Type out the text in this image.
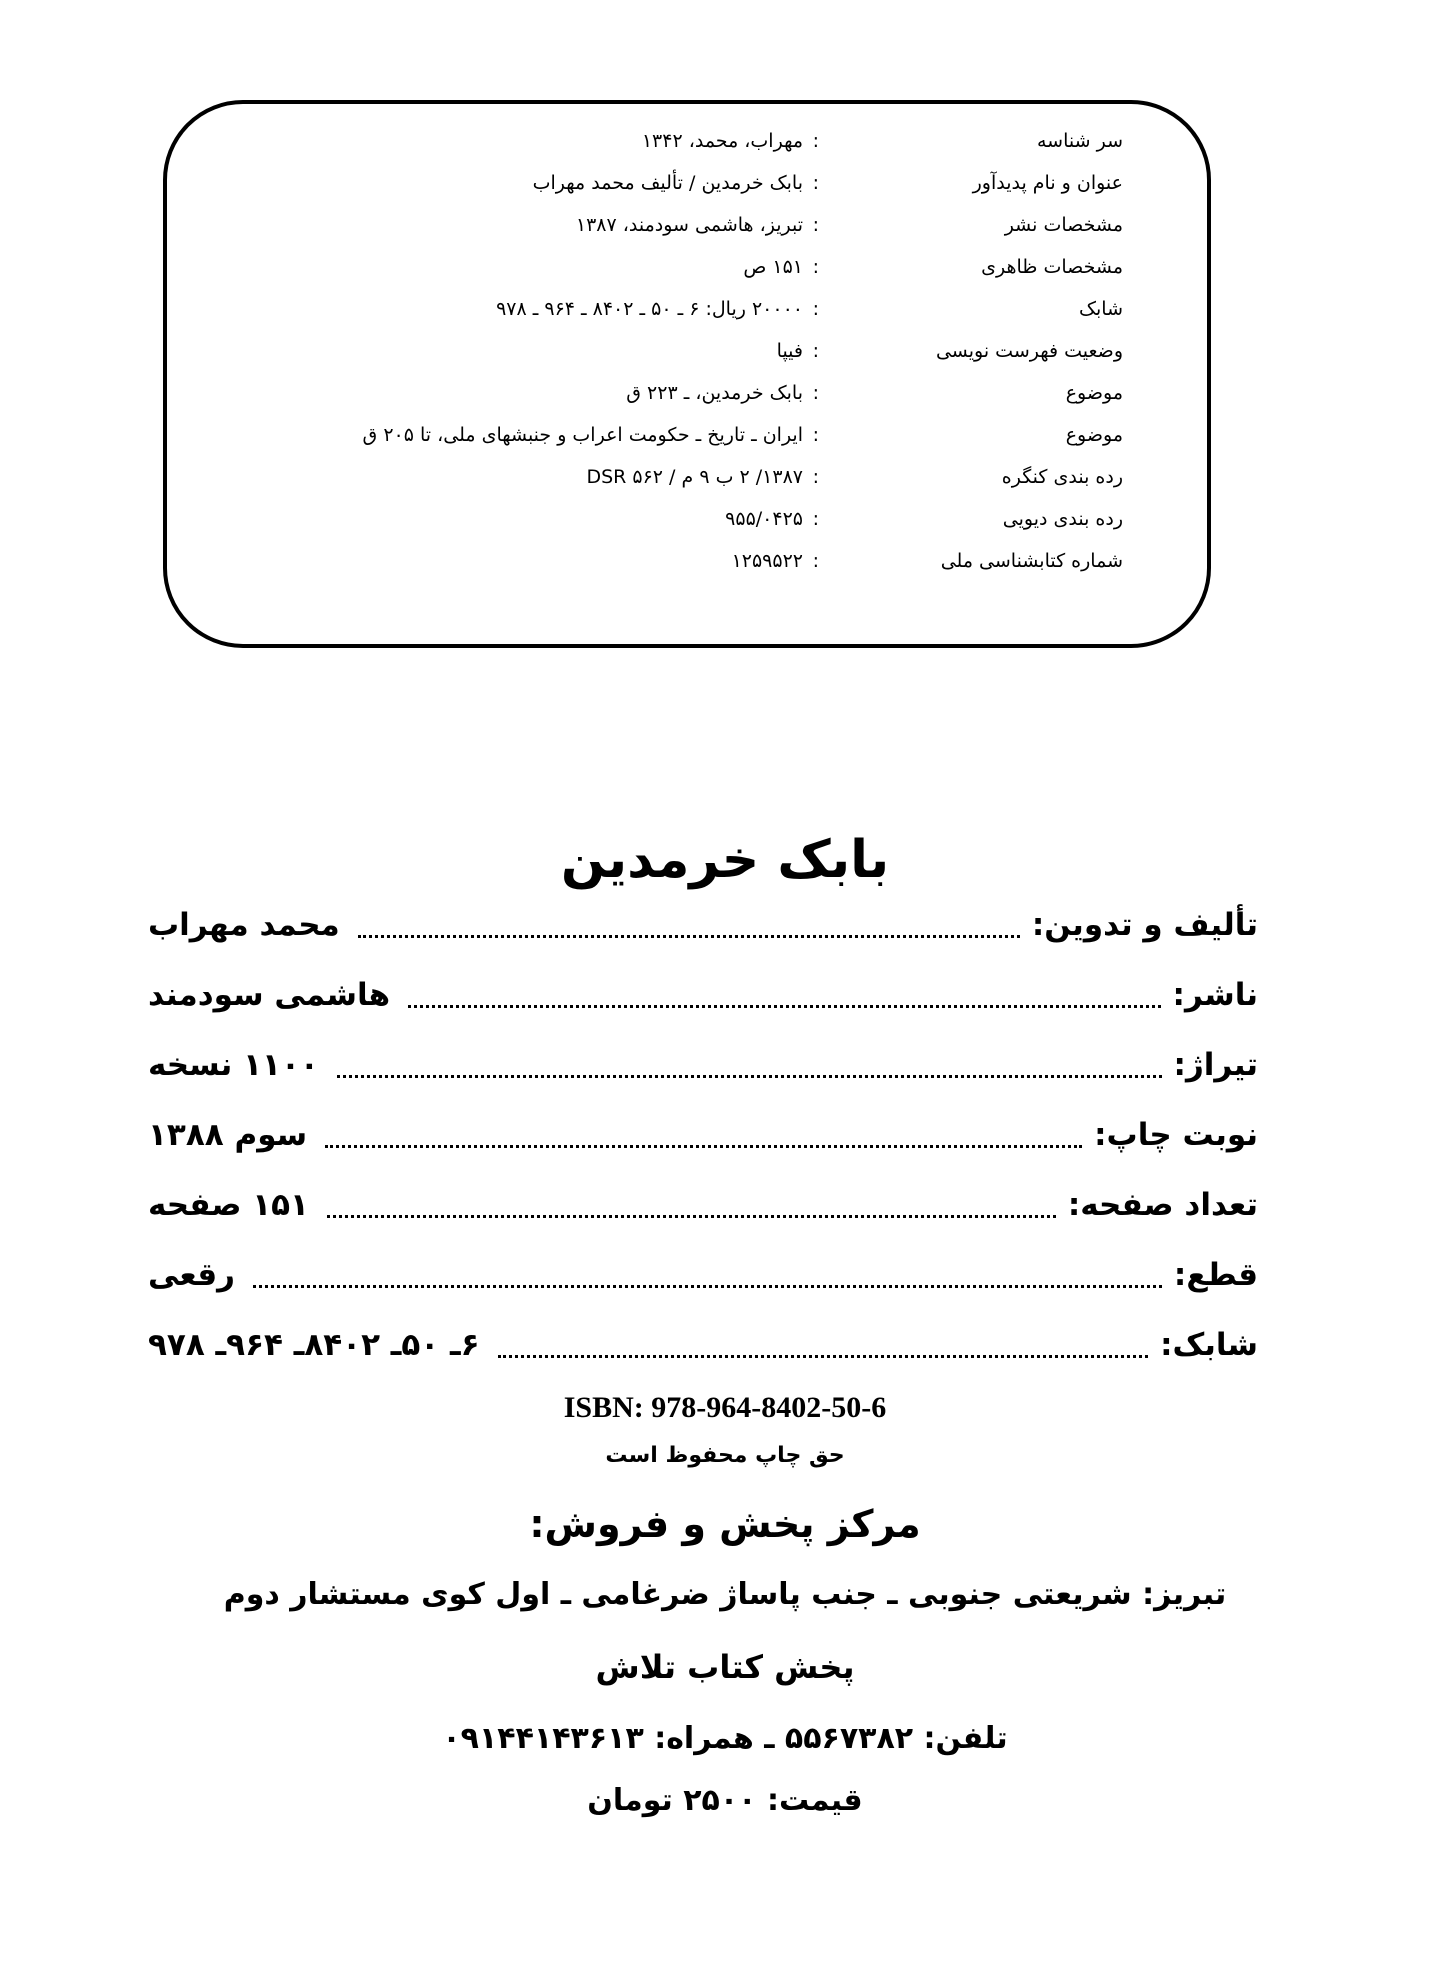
سر شناسه
:
مهراب، محمد، ۱۳۴۲
عنوان و نام پدیدآور
:
بابک خرمدین / تألیف محمد مهراب
مشخصات نشر
:
تبریز، هاشمی سودمند، ۱۳۸۷
مشخصات ظاهری
:
۱۵۱ ص
شابک
:
۲۰۰۰۰ ریال: ۶ ـ ۵۰ ـ ۸۴۰۲ ـ ۹۶۴ ـ ۹۷۸
وضعیت فهرست نویسی
:
فیپا
موضوع
:
بابک خرمدین، ـ ۲۲۳ ق
موضوع
:
ایران ـ تاریخ ـ حکومت اعراب و جنبشهای ملی، تا ۲۰۵ ق
رده بندی کنگره
:
۱۳۸۷/ ۲ ب ۹ م / DSR ۵۶۲
رده بندی دیویی
:
۹۵۵/۰۴۲۵
شماره کتابشناسی ملی
:
۱۲۵۹۵۲۲
بابک خرمدین
تألیف و تدوین:
محمد مهراب
ناشر:
هاشمی سودمند
تیراژ:
۱۱۰۰ نسخه
نوبت چاپ:
سوم ۱۳۸۸
تعداد صفحه:
۱۵۱ صفحه
قطع:
رقعی
شابک:
۶ـ ۵۰ـ ۸۴۰۲ـ ۹۶۴ـ ۹۷۸
ISBN: 978-964-8402-50-6
حق چاپ محفوظ است
مرکز پخش و فروش:
تبریز: شریعتی جنوبی ـ جنب پاساژ ضرغامی ـ اول کوی مستشار دوم
پخش کتاب تلاش
تلفن: ۵۵۶۷۳۸۲ ـ همراه: ۰۹۱۴۴۱۴۳۶۱۳
قیمت: ۲۵۰۰ تومان
